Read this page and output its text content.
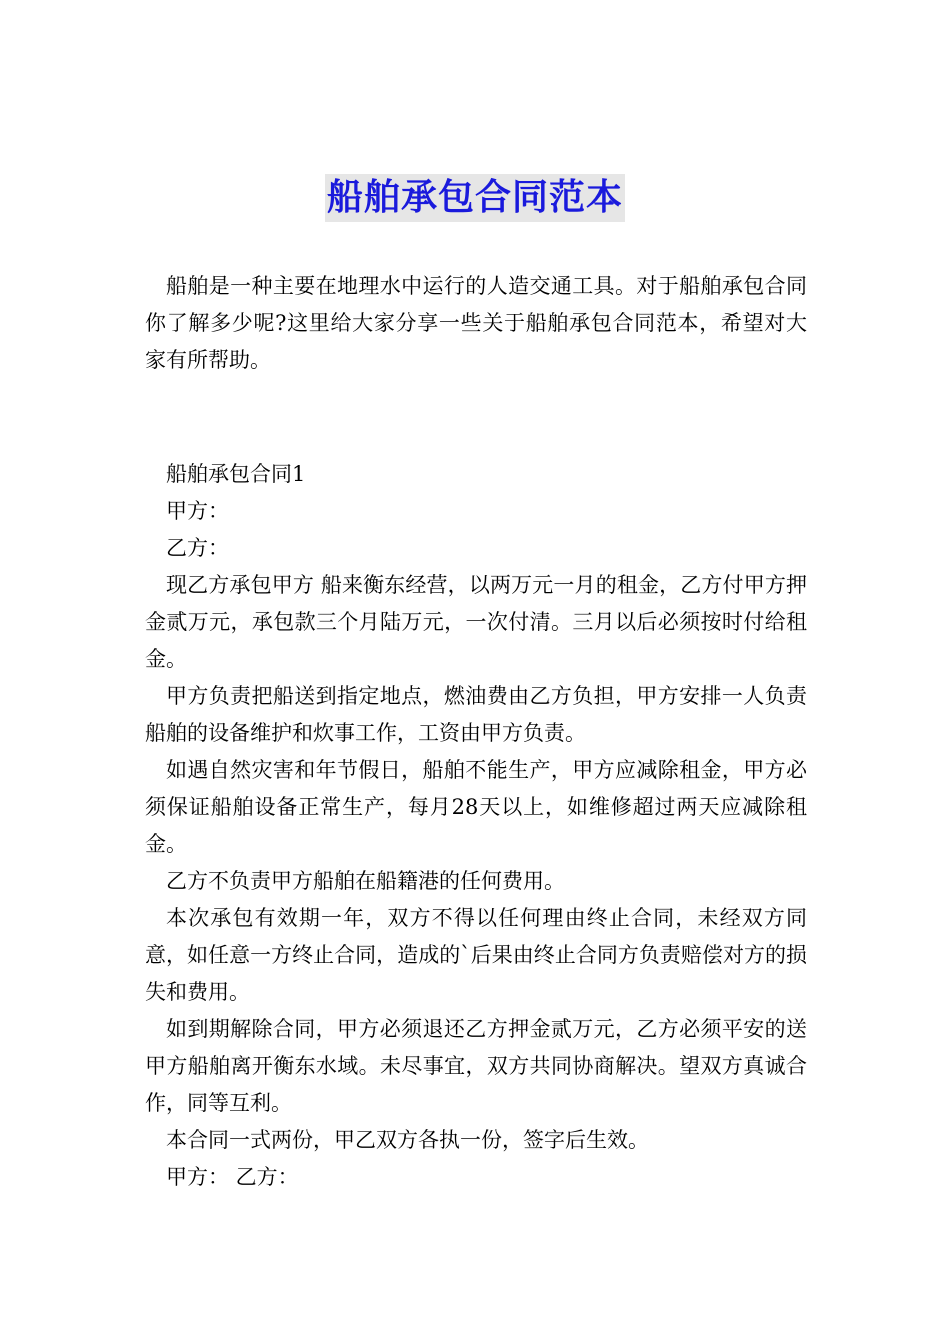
船舶承包合同范本

船舶是一种主要在地理水中运行的人造交通工具。对于船舶承包合同你了解多少呢?这里给大家分享一些关于船舶承包合同范本，希望对大家有所帮助。

船舶承包合同1

甲方：

乙方：

现乙方承包甲方 船来衡东经营，以两万元一月的租金，乙方付甲方押金贰万元，承包款三个月陆万元，一次付清。三月以后必须按时付给租金。

甲方负责把船送到指定地点，燃油费由乙方负担，甲方安排一人负责船舶的设备维护和炊事工作，工资由甲方负责。

如遇自然灾害和年节假日，船舶不能生产，甲方应减除租金，甲方必须保证船舶设备正常生产，每月28天以上，如维修超过两天应减除租金。

乙方不负责甲方船舶在船籍港的任何费用。

本次承包有效期一年，双方不得以任何理由终止合同，未经双方同意，如任意一方终止合同，造成的`后果由终止合同方负责赔偿对方的损失和费用。

如到期解除合同，甲方必须退还乙方押金贰万元，乙方必须平安的送甲方船舶离开衡东水域。未尽事宜，双方共同协商解决。望双方真诚合作，同等互利。

本合同一式两份，甲乙双方各执一份，签字后生效。

甲方： 乙方：
